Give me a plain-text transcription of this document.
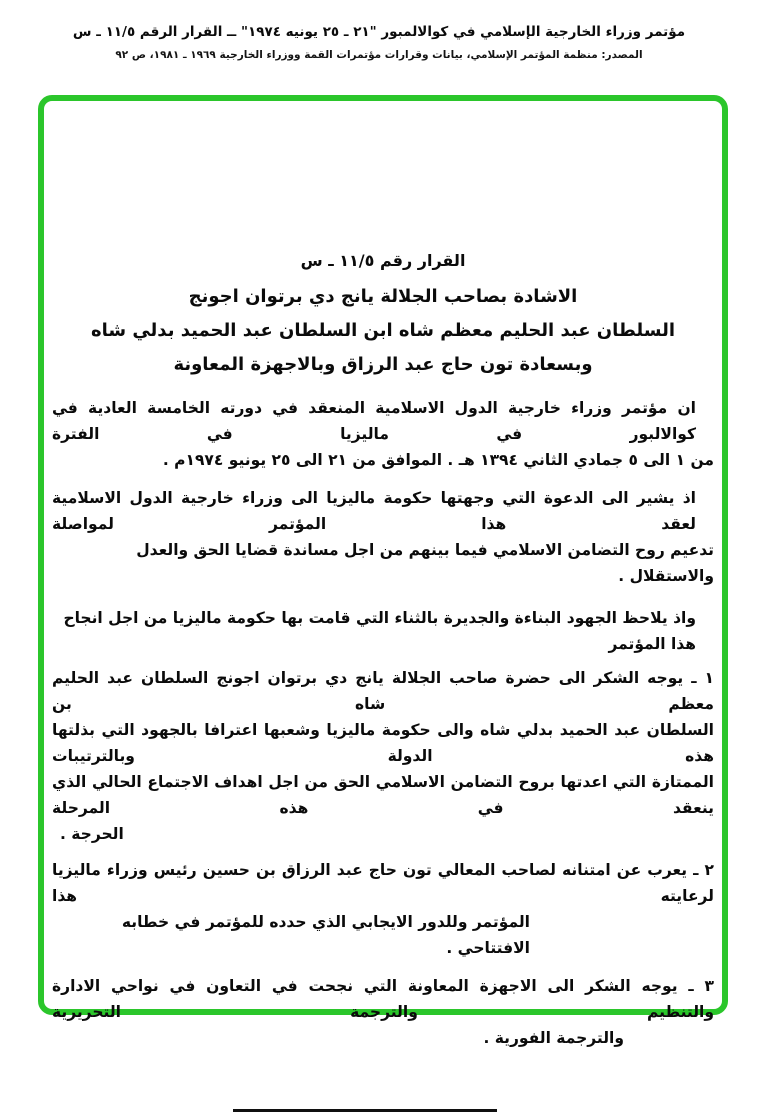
مؤتمر وزراء الخارجية الإسلامي في كوالالمبور "٢١ ـ ٢٥ يونيه ١٩٧٤" ــ القرار الرقم ١١/٥ ـ س
المصدر: منظمة المؤتمر الإسلامي، بيانات وقرارات مؤتمرات القمة ووزراء الخارجية ١٩٦٩ ـ ١٩٨١، ص ٩٢
القرار رقم ١١/٥ ـ س
الاشادة بصاحب الجلالة يانج دي برتوان اجونج
السلطان عبد الحليم معظم شاه ابن السلطان عبد الحميد بدلي شاه
وبسعادة تون حاج عبد الرزاق وبالاجهزة المعاونة
ان مؤتمر وزراء خارجية الدول الاسلامية المنعقد في دورته الخامسة العادية في كوالالبور في ماليزيا في الفترة
من ١ الى ٥ جمادي الثاني ١٣٩٤ هـ . الموافق من ٢١ الى ٢٥ يونيو ١٩٧٤م .
اذ يشير الى الدعوة التي وجهتها حكومة ماليزيا الى وزراء خارجية الدول الاسلامية لعقد هذا المؤتمر لمواصلة
تدعيم روح التضامن الاسلامي فيما بينهم من اجل مساندة قضايا الحق والعدل والاستقلال .
واذ يلاحظ الجهود البناءة والجديرة بالثناء التي قامت بها حكومة ماليزيا من اجل انجاح هذا المؤتمر
١ ـ يوجه الشكر الى حضرة صاحب الجلالة يانج دي برتوان اجونج السلطان عبد الحليم معظم شاه بن
السلطان عبد الحميد بدلي شاه والى حكومة ماليزيا وشعبها اعترافا بالجهود التي بذلتها هذه الدولة وبالترتيبات
الممتازة التي اعدتها بروح التضامن الاسلامي الحق من اجل اهداف الاجتماع الحالي الذي ينعقد في هذه المرحلة
الحرجة .
٢ ـ يعرب عن امتنانه لصاحب المعالي تون حاج عبد الرزاق بن حسين رئيس وزراء ماليزيا لرعايته هذا
المؤتمر وللدور الايجابي الذي حدده للمؤتمر في خطابه الافتتاحي .
٣ ـ يوجه الشكر الى الاجهزة المعاونة التي نجحت في التعاون في نواحي الادارة والتنظيم والترجمة التحريرية
والترجمة الفورية .
